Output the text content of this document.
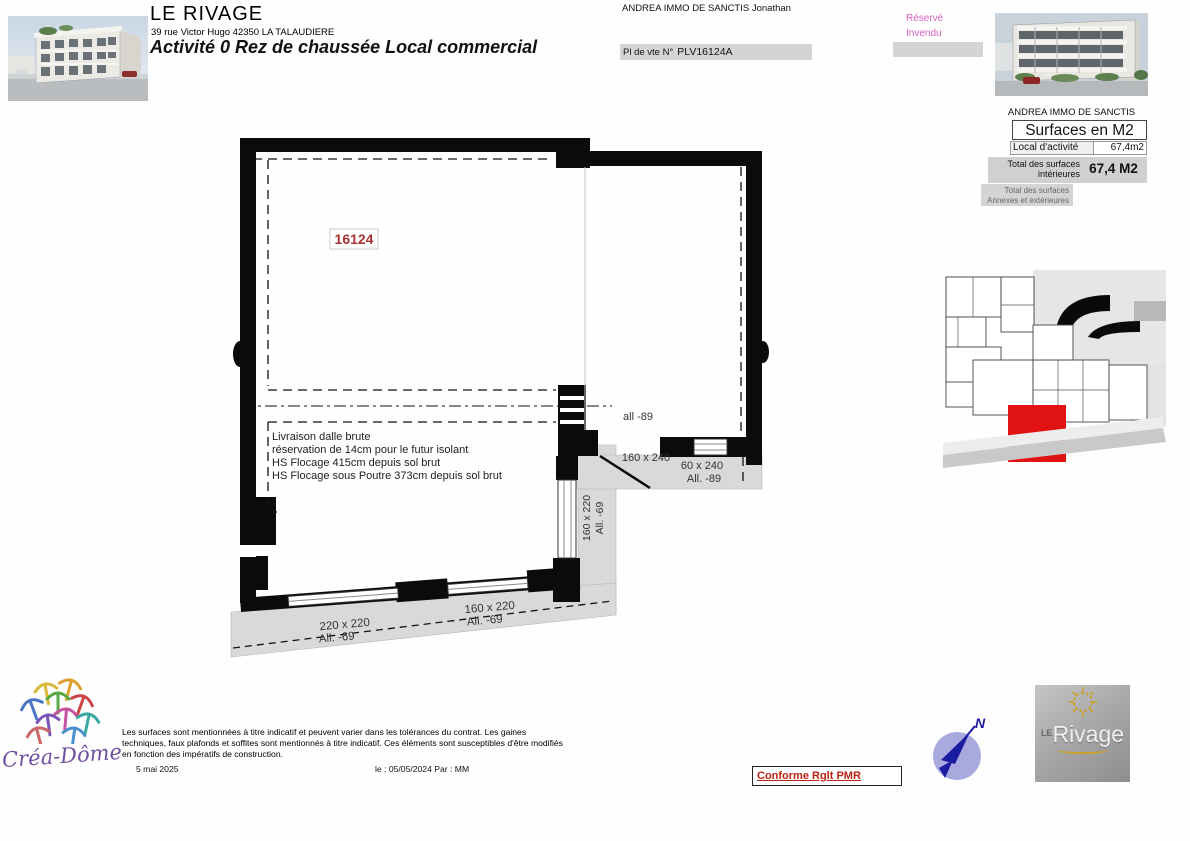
LE RIVAGE
39 rue Victor Hugo 42350 LA TALAUDIERE
Activité 0 Rez de chaussée Local commercial
ANDREA IMMO DE SANCTIS Jonathan
Pl de vte N° PLV16124A
Réservé
Invendu
ANDREA IMMO DE SANCTIS
Surfaces en M2
Local d'activité	67,4m2
Total des surfaces
intérieures 67,4 M2
Total des surfaces
Annexes et extérieures
16124
Livraison dalle brute
réservation de 14cm pour le futur isolant
HS Flocage 415cm depuis sol brut
HS Flocage sous Poutre 373cm depuis sol brut
all -89
160 x 240
60 x 240
All. -89
160 x 220 All. -69
220 x 220
All. -69
160 x 220
All. -69
Créa-Dôme
Les surfaces sont mentionnées à titre indicatif et peuvent varier dans les tolérances du contrat. Les gaines
techniques, faux plafonds et soffites sont mentionnés à titre indicatif. Ces éléments sont susceptibles d'être modifiés
en fonction des impératifs de construction.
5 mai 2025	le : 05/05/2024 Par : MM
Conforme Rglt PMR
N
$^{LE}$Rivage
